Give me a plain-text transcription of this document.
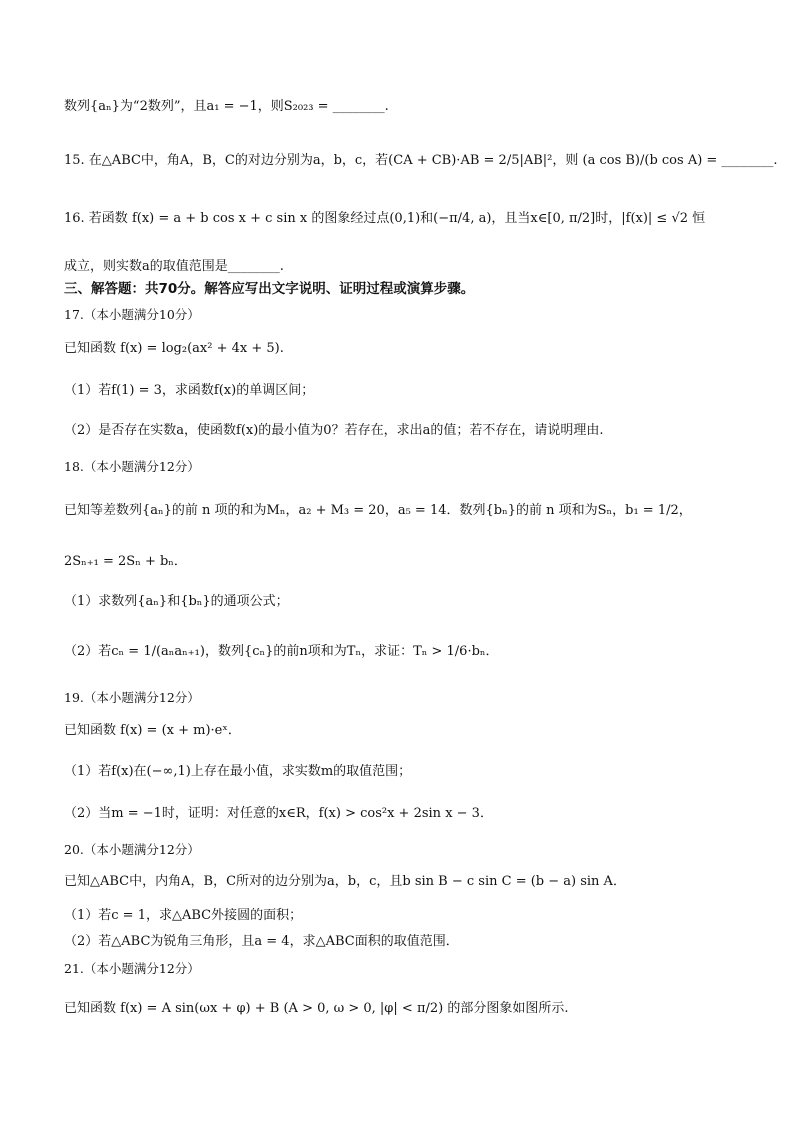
数列{aₙ}为“2数列”，且a₁ = −1，则S₂₀₂₃ = ________.
15. 在△ABC中，角A，B，C的对边分别为a，b，c，若(CA + CB)·AB = 2/5|AB|²，则 (a cos B)/(b cos A) = ________.
16. 若函数 f(x) = a + b cos x + c sin x 的图象经过点(0,1)和(−π/4, a)，且当x∈[0, π/2]时，|f(x)| ≤ √2 恒
成立，则实数a的取值范围是________.
三、解答题：共70分。解答应写出文字说明、证明过程或演算步骤。
17.（本小题满分10分）
已知函数 f(x) = log₂(ax² + 4x + 5).
（1）若f(1) = 3，求函数f(x)的单调区间；
（2）是否存在实数a，使函数f(x)的最小值为0？若存在，求出a的值；若不存在，请说明理由.
18.（本小题满分12分）
已知等差数列{aₙ}的前 n 项的和为Mₙ，a₂ + M₃ = 20，a₅ = 14．数列{bₙ}的前 n 项和为Sₙ，b₁ = 1/2，
2Sₙ₊₁ = 2Sₙ + bₙ．
（1）求数列{aₙ}和{bₙ}的通项公式；
（2）若cₙ = 1/(aₙaₙ₊₁)，数列{cₙ}的前n项和为Tₙ，求证：Tₙ > 1/6·bₙ．
19.（本小题满分12分）
已知函数 f(x) = (x + m)·eˣ．
（1）若f(x)在(−∞,1)上存在最小值，求实数m的取值范围；
（2）当m = −1时，证明：对任意的x∈R，f(x) > cos²x + 2sin x − 3．
20.（本小题满分12分）
已知△ABC中，内角A，B，C所对的边分别为a，b，c，且b sin B − c sin C = (b − a) sin A．
（1）若c = 1，求△ABC外接圆的面积；
（2）若△ABC为锐角三角形，且a = 4，求△ABC面积的取值范围．
21.（本小题满分12分）
已知函数 f(x) = A sin(ωx + φ) + B (A > 0, ω > 0, |φ| < π/2) 的部分图象如图所示.
